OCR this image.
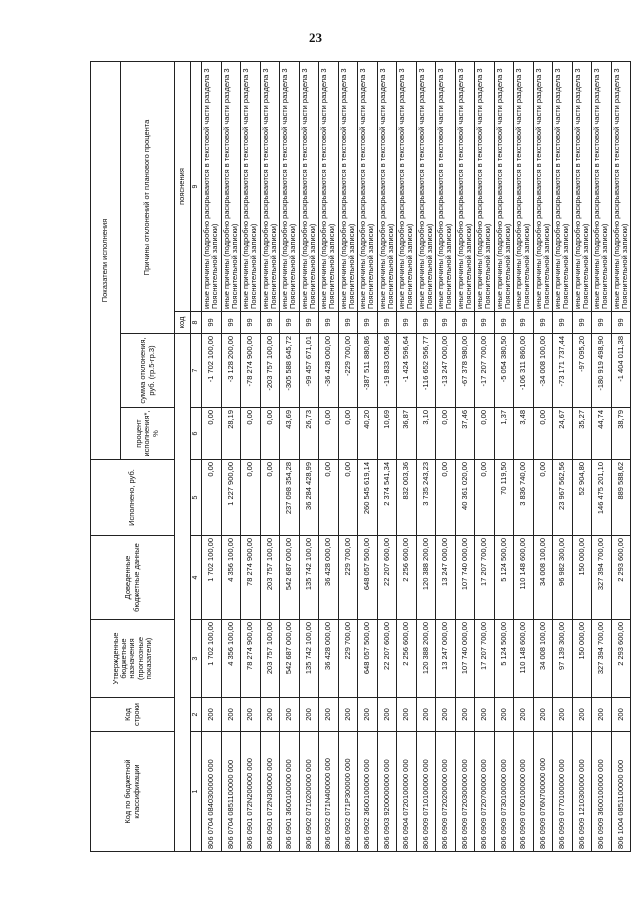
23
Код по бюджетной классификации	Код строки	Утвержденные бюджетные назначения (прогнозные показатели)	Доведенные бюджетные данные	Исполнено, руб.	Показатели исполнения			
					процент исполнения*, %	сумма отклонения, руб. (гр.5-гр.3)	Причины отклонений от планового процента	
							код	пояснения
1	2	3	4	5	6	7	8	9
806 0704 0840300000 000	200	1 702 100,00	1 702 100,00	0,00	0,00	-1 702 100,00	99	иные причины (подробно раскрываются в текстовой части раздела 3 Пояснительной записки)
806 0704 0851100000 000	200	4 356 100,00	4 356 100,00	1 227 900,00	28,19	-3 128 200,00	99	иные причины (подробно раскрываются в текстовой части раздела 3 Пояснительной записки)
806 0901 072N200000 000	200	78 274 900,00	78 274 900,00	0,00	0,00	-78 274 900,00	99	иные причины (подробно раскрываются в текстовой части раздела 3 Пояснительной записки)
806 0901 072N300000 000	200	203 757 100,00	203 757 100,00	0,00	0,00	-203 757 100,00	99	иные причины (подробно раскрываются в текстовой части раздела 3 Пояснительной записки)
806 0901 3600100000 000	200	542 687 000,00	542 687 000,00	237 098 354,28	43,69	-305 588 645,72	99	иные причины (подробно раскрываются в текстовой части раздела 3 Пояснительной записки)
806 0902 0710200000 000	200	135 742 100,00	135 742 100,00	36 284 428,99	26,73	-99 457 671,01	99	иные причины (подробно раскрываются в текстовой части раздела 3 Пояснительной записки)
806 0902 071N400000 000	200	36 428 000,00	36 428 000,00	0,00	0,00	-36 428 000,00	99	иные причины (подробно раскрываются в текстовой части раздела 3 Пояснительной записки)
806 0902 071P300000 000	200	229 700,00	229 700,00	0,00	0,00	-229 700,00	99	иные причины (подробно раскрываются в текстовой части раздела 3 Пояснительной записки)
806 0902 3600100000 000	200	648 057 500,00	648 057 500,00	260 545 619,14	40,20	-387 511 880,86	99	иные причины (подробно раскрываются в текстовой части раздела 3 Пояснительной записки)
806 0903 9200000000 000	200	22 207 600,00	22 207 600,00	2 374 541,34	10,69	-19 833 058,66	99	иные причины (подробно раскрываются в текстовой части раздела 3 Пояснительной записки)
806 0904 0720100000 000	200	2 256 600,00	2 256 600,00	832 003,36	36,87	-1 424 596,64	99	иные причины (подробно раскрываются в текстовой части раздела 3 Пояснительной записки)
806 0909 0710100000 000	200	120 388 200,00	120 388 200,00	3 735 243,23	3,10	-116 652 956,77	99	иные причины (подробно раскрываются в текстовой части раздела 3 Пояснительной записки)
806 0909 0720200000 000	200	13 247 000,00	13 247 000,00	0,00	0,00	-13 247 000,00	99	иные причины (подробно раскрываются в текстовой части раздела 3 Пояснительной записки)
806 0909 0720300000 000	200	107 740 000,00	107 740 000,00	40 361 020,00	37,46	-67 378 980,00	99	иные причины (подробно раскрываются в текстовой части раздела 3 Пояснительной записки)
806 0909 0720700000 000	200	17 207 700,00	17 207 700,00	0,00	0,00	-17 207 700,00	99	иные причины (подробно раскрываются в текстовой части раздела 3 Пояснительной записки)
806 0909 0730100000 000	200	5 124 500,00	5 124 500,00	70 119,50	1,37	-5 054 380,50	99	иные причины (подробно раскрываются в текстовой части раздела 3 Пояснительной записки)
806 0909 0760100000 000	200	110 148 600,00	110 148 600,00	3 836 740,00	3,48	-106 311 860,00	99	иные причины (подробно раскрываются в текстовой части раздела 3 Пояснительной записки)
806 0909 076N700000 000	200	34 008 100,00	34 008 100,00	0,00	0,00	-34 008 100,00	99	иные причины (подробно раскрываются в текстовой части раздела 3 Пояснительной записки)
806 0909 0770100000 000	200	97 139 300,00	96 982 300,00	23 967 562,56	24,67	-73 171 737,44	99	иные причины (подробно раскрываются в текстовой части раздела 3 Пояснительной записки)
806 0909 1210300000 000	200	150 000,00	150 000,00	52 904,80	35,27	-97 095,20	99	иные причины (подробно раскрываются в текстовой части раздела 3 Пояснительной записки)
806 0909 3600100000 000	200	327 394 700,00	327 394 700,00	146 475 201,10	44,74	-180 919 498,90	99	иные причины (подробно раскрываются в текстовой части раздела 3 Пояснительной записки)
806 1004 0851100000 000	200	2 293 600,00	2 293 600,00	889 588,62	38,79	-1 404 011,38	99	иные причины (подробно раскрываются в текстовой части раздела 3 Пояснительной записки)
